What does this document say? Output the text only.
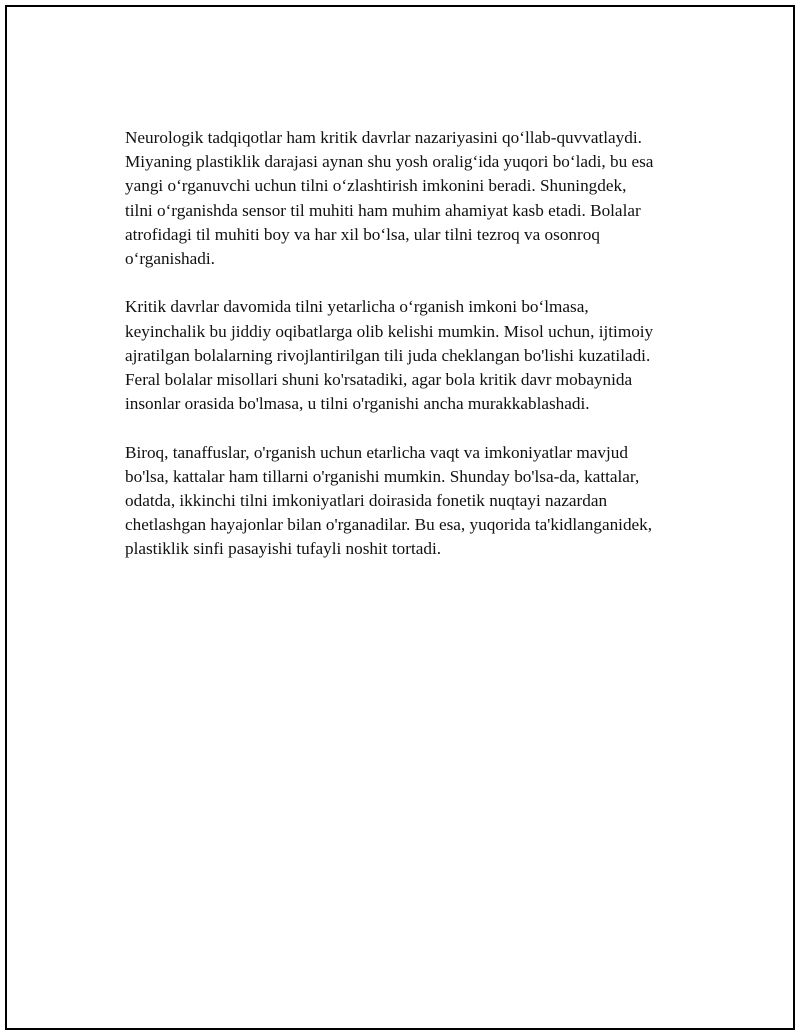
Neurologik tadqiqotlar ham kritik davrlar nazariyasini qo‘llab-quvvatlaydi.
Miyaning plastiklik darajasi aynan shu yosh oralig‘ida yuqori bo‘ladi, bu esa
yangi o‘rganuvchi uchun tilni o‘zlashtirish imkonini beradi. Shuningdek,
tilni o‘rganishda sensor til muhiti ham muhim ahamiyat kasb etadi. Bolalar
atrofidagi til muhiti boy va har xil bo‘lsa, ular tilni tezroq va osonroq
o‘rganishadi.

Kritik davrlar davomida tilni yetarlicha o‘rganish imkoni bo‘lmasa,
keyinchalik bu jiddiy oqibatlarga olib kelishi mumkin. Misol uchun, ijtimoiy
ajratilgan bolalarning rivojlantirilgan tili juda cheklangan bo'lishi kuzatiladi.
Feral bolalar misollari shuni ko'rsatadiki, agar bola kritik davr mobaynida
insonlar orasida bo'lmasa, u tilni o'rganishi ancha murakkablashadi.

Biroq, tanaffuslar, o'rganish uchun etarlicha vaqt va imkoniyatlar mavjud
bo'lsa, kattalar ham tillarni o'rganishi mumkin. Shunday bo'lsa-da, kattalar,
odatda, ikkinchi tilni imkoniyatlari doirasida fonetik nuqtayi nazardan
chetlashgan hayajonlar bilan o'rganadilar. Bu esa, yuqorida ta'kidlanganidek,
plastiklik sinfi pasayishi tufayli noshit tortadi.
